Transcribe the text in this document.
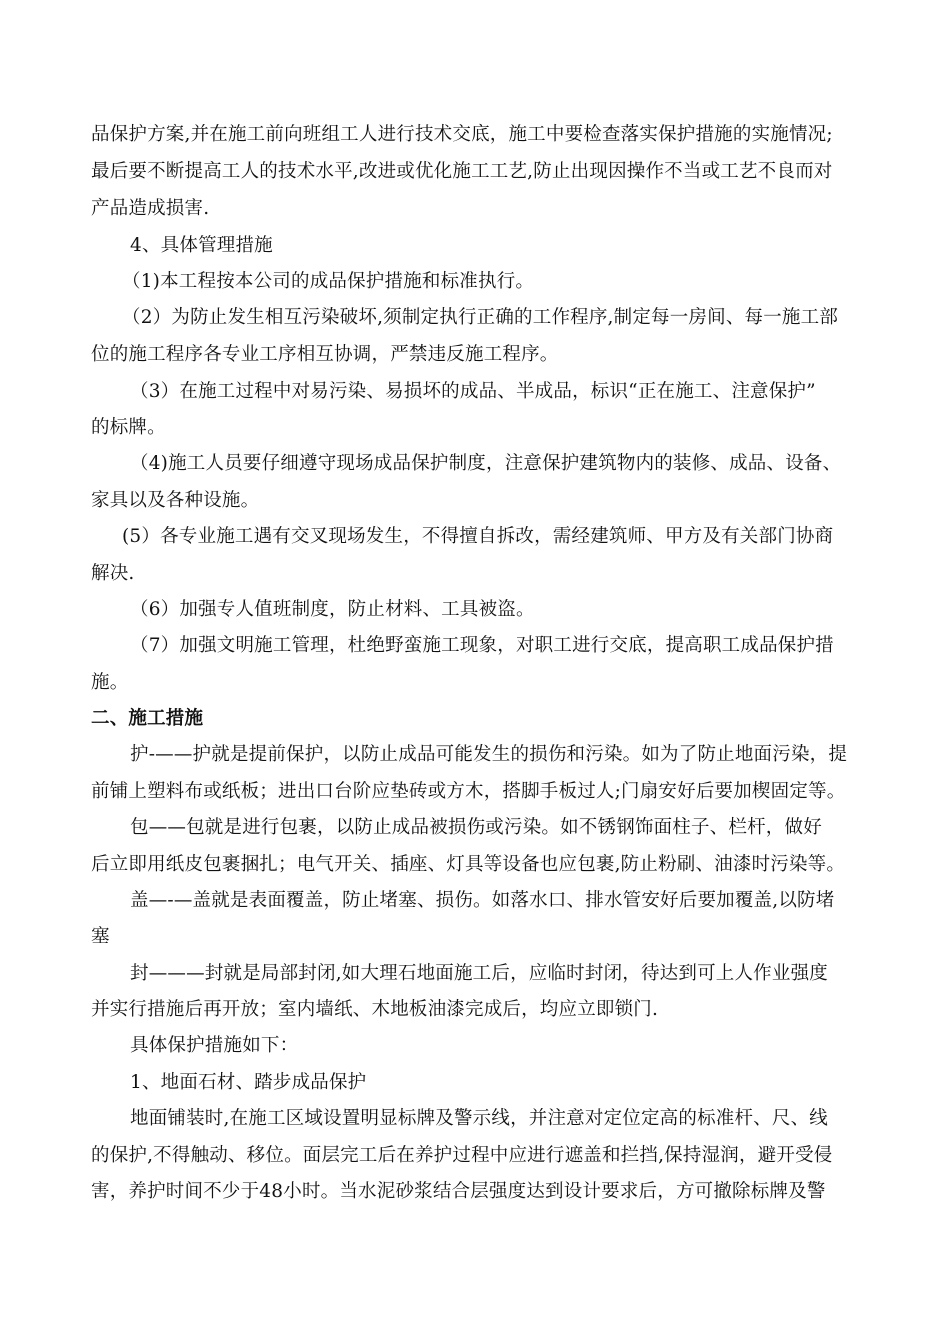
品保护方案,并在施工前向班组工人进行技术交底，施工中要检查落实保护措施的实施情况;
最后要不断提高工人的技术水平,改进或优化施工工艺,防止出现因操作不当或工艺不良而对
产品造成损害.
4、具体管理措施
（1)本工程按本公司的成品保护措施和标准执行。
（2）为防止发生相互污染破坏,须制定执行正确的工作程序,制定每一房间、每一施工部
位的施工程序各专业工序相互协调，严禁违反施工程序。
（3）在施工过程中对易污染、易损坏的成品、半成品，标识“正在施工、注意保护”
的标牌。
（4)施工人员要仔细遵守现场成品保护制度，注意保护建筑物内的装修、成品、设备、
家具以及各种设施。
(5）各专业施工遇有交叉现场发生，不得擅自拆改，需经建筑师、甲方及有关部门协商
解决.
（6）加强专人值班制度，防止材料、工具被盗。
（7）加强文明施工管理，杜绝野蛮施工现象，对职工进行交底，提高职工成品保护措
施。
二、施工措施
护-——护就是提前保护，以防止成品可能发生的损伤和污染。如为了防止地面污染，提
前铺上塑料布或纸板；进出口台阶应垫砖或方木，搭脚手板过人;门扇安好后要加楔固定等。
包——包就是进行包裹，以防止成品被损伤或污染。如不锈钢饰面柱子、栏杆，做好
后立即用纸皮包裹捆扎；电气开关、插座、灯具等设备也应包裹,防止粉刷、油漆时污染等。
盖—-—盖就是表面覆盖，防止堵塞、损伤。如落水口、排水管安好后要加覆盖,以防堵
塞
封———封就是局部封闭,如大理石地面施工后，应临时封闭，待达到可上人作业强度
并实行措施后再开放；室内墙纸、木地板油漆完成后，均应立即锁门.
具体保护措施如下：
1、地面石材、踏步成品保护
地面铺装时,在施工区域设置明显标牌及警示线，并注意对定位定高的标准杆、尺、线
的保护,不得触动、移位。面层完工后在养护过程中应进行遮盖和拦挡,保持湿润，避开受侵
害，养护时间不少于48小时。当水泥砂浆结合层强度达到设计要求后，方可撤除标牌及警
